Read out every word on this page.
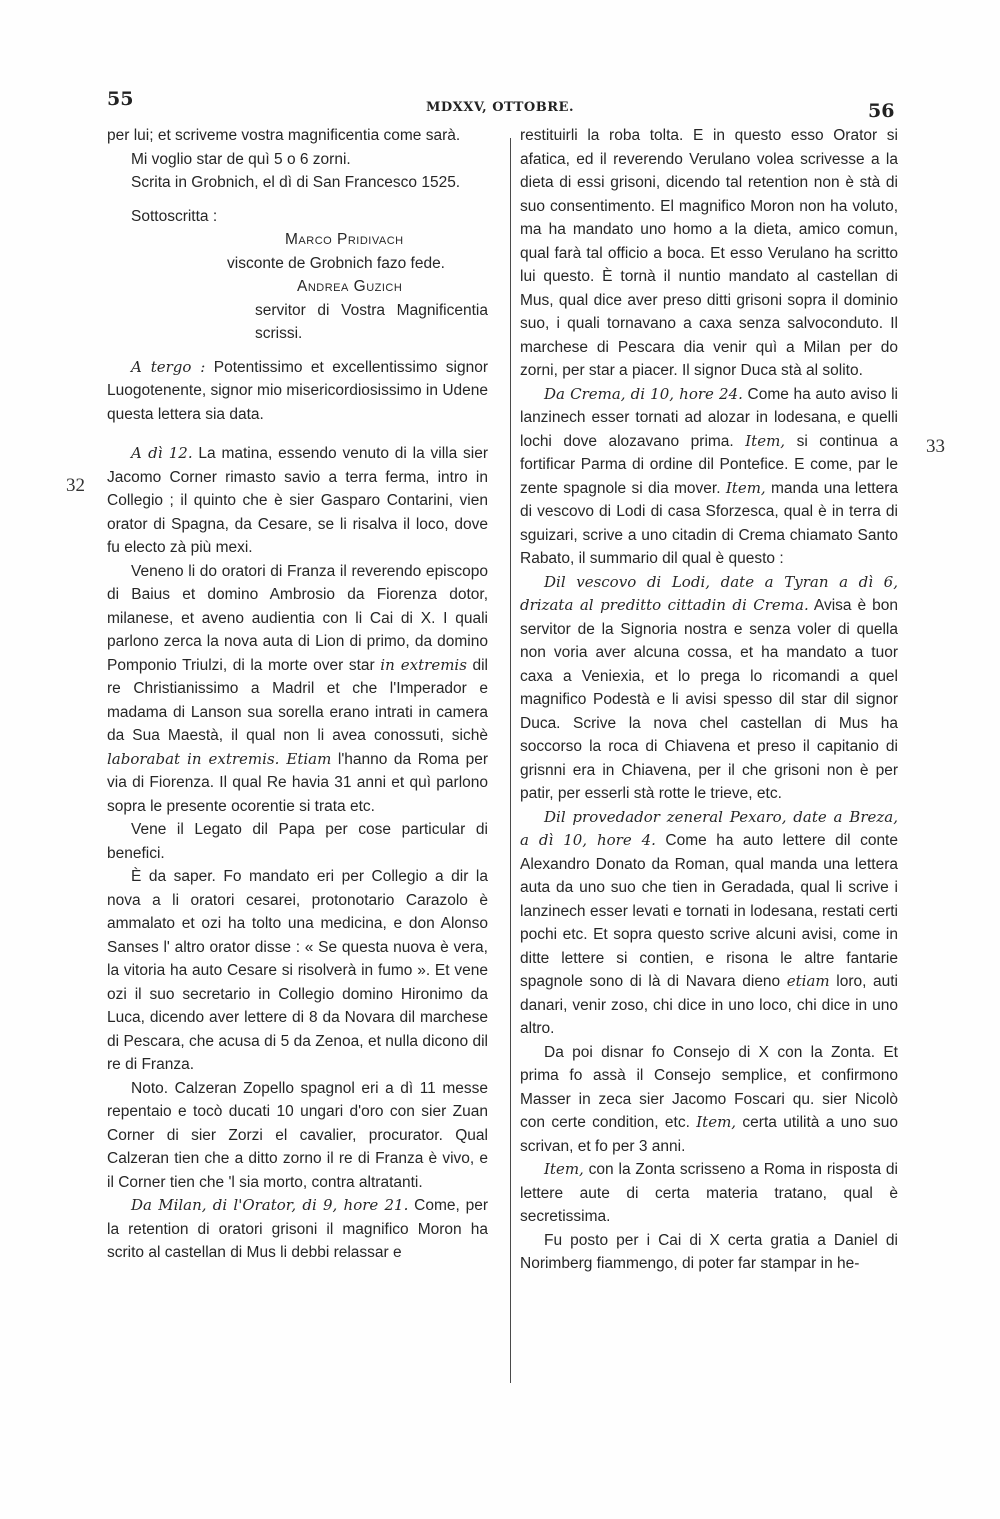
55	MDXXV, OTTOBRE.	56
32
33

per lui; et scriveme vostra magnificentia come sarà.

Mi voglio star de quì 5 o 6 zorni.

Scrita in Grobnich, el dì di San Francesco 1525.

Sottoscritta :

Marco Pridivach

visconte de Grobnich fazo fede.

Andrea Guzich

servitor di Vostra Magnificentia scrissi.

A tergo : Potentissimo et excellentissimo signor Luogotenente, signor mio misericordiosissimo in Udene questa lettera sia data.

A dì 12. La matina, essendo venuto di la villa sier Jacomo Corner rimasto savio a terra ferma, intro in Collegio ; il quinto che è sier Gasparo Contarini, vien orator di Spagna, da Cesare, se li risalva il loco, dove fu electo zà più mexi.

Veneno li do oratori di Franza il reverendo episcopo di Baius et domino Ambrosio da Fiorenza dotor, milanese, et aveno audientia con li Cai di X. I quali parlono zerca la nova auta di Lion di primo, da domino Pomponio Triulzi, di la morte over star in extremis dil re Christianissimo a Madril et che l'Imperador e madama di Lanson sua sorella erano intrati in camera da Sua Maestà, il qual non li avea conossuti, sichè laborabat in extremis. Etiam l'hanno da Roma per via di Fiorenza. Il qual Re havia 31 anni et quì parlono sopra le presente ocorentie si trata etc.

Vene il Legato dil Papa per cose particular di benefici.

È da saper. Fo mandato eri per Collegio a dir la nova a li oratori cesarei, protonotario Carazolo è ammalato et ozi ha tolto una medicina, e don Alonso Sanses l' altro orator disse : « Se questa nuova è vera, la vitoria ha auto Cesare si risolverà in fumo ». Et vene ozi il suo secretario in Collegio domino Hironimo da Luca, dicendo aver lettere di 8 da Novara dil marchese di Pescara, che acusa di 5 da Zenoa, et nulla dicono dil re di Franza.

Noto. Calzeran Zopello spagnol eri a dì 11 messe repentaio e tocò ducati 10 ungari d'oro con sier Zuan Corner di sier Zorzi el cavalier, procurator. Qual Calzeran tien che a ditto zorno il re di Franza è vivo, e il Corner tien che 'l sia morto, contra altratanti.

Da Milan, di l'Orator, di 9, hore 21. Come, per la retention di oratori grisoni il magnifico Moron ha scrito al castellan di Mus li debbi relassar e

restituirli la roba tolta. E in questo esso Orator si afatica, ed il reverendo Verulano volea scrivesse a la dieta di essi grisoni, dicendo tal retention non è stà di suo consentimento. El magnifico Moron non ha voluto, ma ha mandato uno homo a la dieta, amico comun, qual farà tal officio a boca. Et esso Verulano ha scritto lui questo. È tornà il nuntio mandato al castellan di Mus, qual dice aver preso ditti grisoni sopra il dominio suo, i quali tornavano a caxa senza salvoconduto. Il marchese di Pescara dia venir quì a Milan per do zorni, per star a piacer. Il signor Duca stà al solito.

Da Crema, di 10, hore 24. Come ha auto aviso li lanzinech esser tornati ad alozar in lodesana, e quelli lochi dove alozavano prima. Item, si continua a fortificar Parma di ordine dil Pontefice. E come, par le zente spagnole si dia mover. Item, manda una lettera di vescovo di Lodi di casa Sforzesca, qual è in terra di sguizari, scrive a uno citadin di Crema chiamato Santo Rabato, il summario dil qual è questo :

Dil vescovo di Lodi, date a Tyran a dì 6, drizata al preditto cittadin di Crema. Avisa è bon servitor de la Signoria nostra e senza voler di quella non voria aver alcuna cossa, et ha mandato a tuor caxa a Veniexia, et lo prega lo ricomandi a quel magnifico Podestà e li avisi spesso dil star dil signor Duca. Scrive la nova chel castellan di Mus ha soccorso la roca di Chiavena et preso il capitanio di grisnni era in Chiavena, per il che grisoni non è per patir, per esserli stà rotte le trieve, etc.

Dil provedador zeneral Pexaro, date a Breza, a dì 10, hore 4. Come ha auto lettere dil conte Alexandro Donato da Roman, qual manda una lettera auta da uno suo che tien in Geradada, qual li scrive i lanzinech esser levati e tornati in lodesana, restati certi pochi etc. Et sopra questo scrive alcuni avisi, come in ditte lettere si contien, e risona le altre fantarie spagnole sono di là di Navara dieno etiam loro, auti danari, venir zoso, chi dice in uno loco, chi dice in uno altro.

Da poi disnar fo Consejo di X con la Zonta. Et prima fo assà il Consejo semplice, et confirmono Masser in zeca sier Jacomo Foscari qu. sier Nicolò con certe condition, etc. Item, certa utilità a uno suo scrivan, et fo per 3 anni.

Item, con la Zonta scrisseno a Roma in risposta di lettere aute di certa materia tratano, qual è secretissima.

Fu posto per i Cai di X certa gratia a Daniel di Norimberg fiammengo, di poter far stampar in he-
